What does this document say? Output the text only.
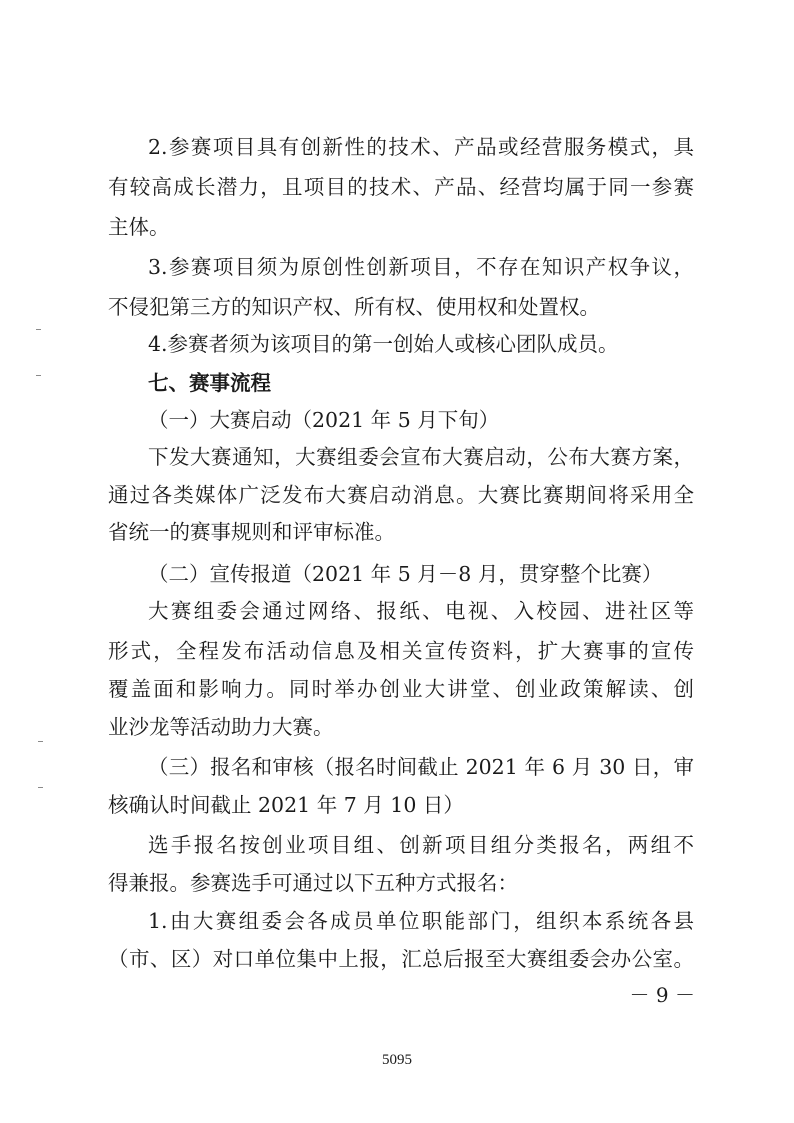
2.参赛项目具有创新性的技术、产品或经营服务模式，具
有较高成长潜力，且项目的技术、产品、经营均属于同一参赛
主体。
3.参赛项目须为原创性创新项目，不存在知识产权争议，
不侵犯第三方的知识产权、所有权、使用权和处置权。
4.参赛者须为该项目的第一创始人或核心团队成员。
七、赛事流程
（一）大赛启动（2021 年 5 月下旬）
下发大赛通知，大赛组委会宣布大赛启动，公布大赛方案，
通过各类媒体广泛发布大赛启动消息。大赛比赛期间将采用全
省统一的赛事规则和评审标准。
（二）宣传报道（2021 年 5 月－8 月，贯穿整个比赛）
大赛组委会通过网络、报纸、电视、入校园、进社区等
形式，全程发布活动信息及相关宣传资料，扩大赛事的宣传
覆盖面和影响力。同时举办创业大讲堂、创业政策解读、创
业沙龙等活动助力大赛。
（三）报名和审核（报名时间截止 2021 年 6 月 30 日，审
核确认时间截止 2021 年 7 月 10 日）
选手报名按创业项目组、创新项目组分类报名，两组不
得兼报。参赛选手可通过以下五种方式报名：
1.由大赛组委会各成员单位职能部门，组织本系统各县
（市、区）对口单位集中上报，汇总后报至大赛组委会办公室。
－ 9 －
5095
